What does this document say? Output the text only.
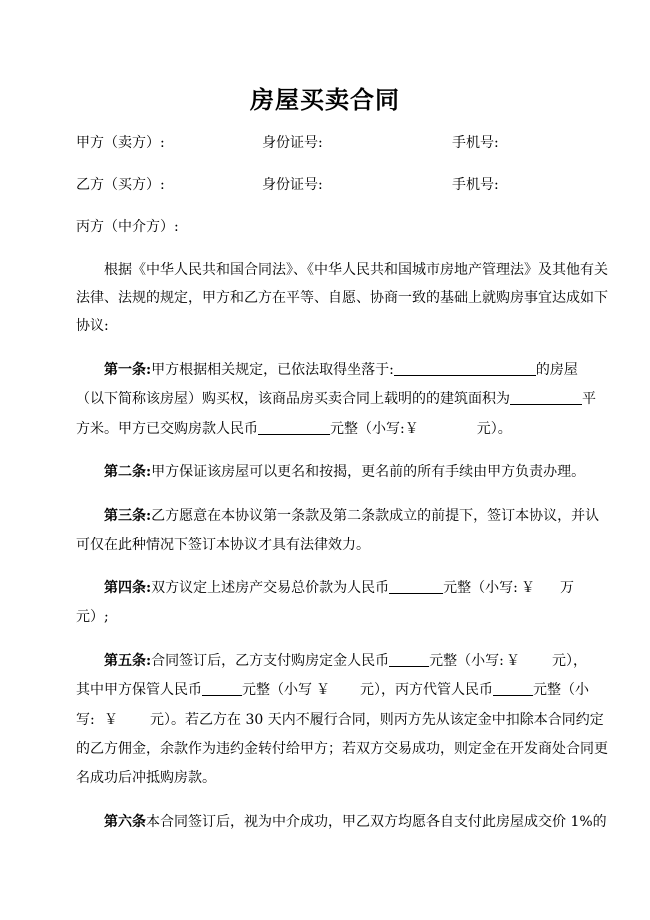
房屋买卖合同
甲方（卖方）:	身份证号:	手机号:
乙方（买方）:	身份证号:	手机号:
丙方（中介方）:
根据《中华人民共和国合同法》、《中华人民共和国城市房地产管理法》及其他有关
法律、法规的规定，甲方和乙方在平等、自愿、协商一致的基础上就购房事宜达成如下
协议:
第一条:甲方根据相关规定，已依法取得坐落于:	的房屋
（以下简称该房屋）购买权，该商品房买卖合同上载明的的建筑面积为	平
方米。甲方已交购房款人民币	元整（小写:￥	元）。
第二条:甲方保证该房屋可以更名和按揭，更名前的所有手续由甲方负责办理。
第三条:乙方愿意在本协议第一条款及第二条款成立的前提下，签订本协议，并认
可仅在此种情况下签订本协议才具有法律效力。
第四条:双方议定上述房产交易总价款为人民币	元整（小写: ￥ 万
元）;
第五条:合同签订后，乙方支付购房定金人民币	元整（小写: ￥ 元），
其中甲方保管人民币	元整（小写 ￥ 元），丙方代管人民币	元整（小
写: ￥ 元）。若乙方在 30 天内不履行合同，则丙方先从该定金中扣除本合同约定
的乙方佣金，余款作为违约金转付给甲方；若双方交易成功，则定金在开发商处合同更
名成功后冲抵购房款。
第六条本合同签订后，视为中介成功，甲乙双方均愿各自支付此房屋成交价 1%的
